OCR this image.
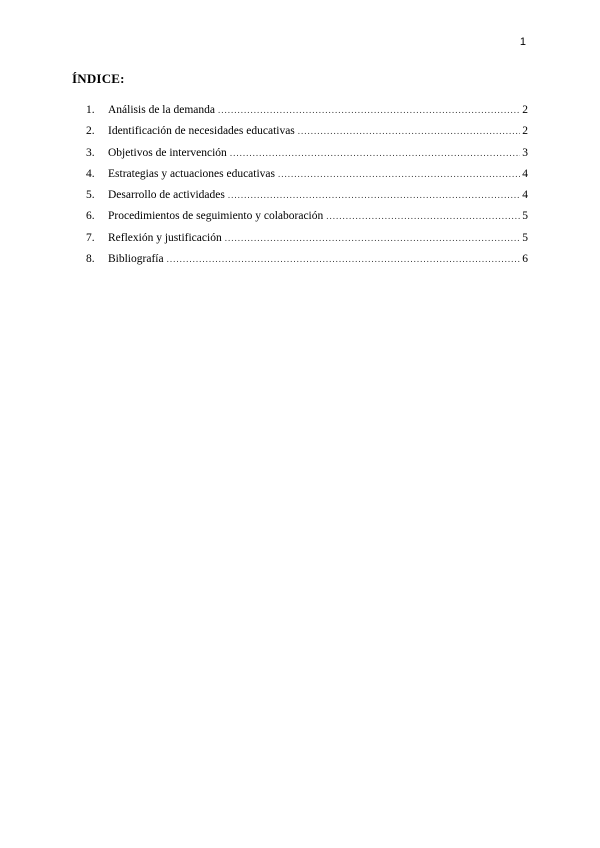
1
ÍNDICE:
1.	Análisis de la demanda .....	2
2.	Identificación de necesidades educativas .....	2
3.	Objetivos de intervención .....	3
4.	Estrategias y actuaciones educativas .....	4
5.	Desarrollo de actividades .....	4
6.	Procedimientos de seguimiento y colaboración .....	5
7.	Reflexión y justificación .....	5
8.	Bibliografía .....	6
